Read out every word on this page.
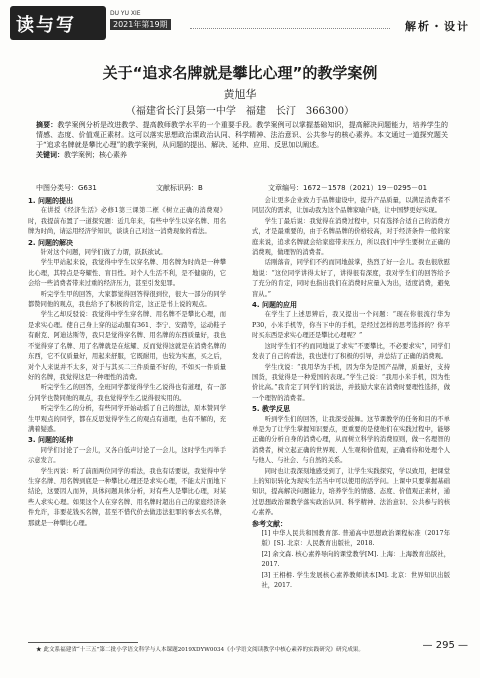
读与写
DU YU XIE
2021年第19期	解析・设计
关于“追求名牌就是攀比心理”的教学案例
黄旭华
（福建省长汀县第一中学　福建　长汀　366300）
摘要：教学案例分析是改进教学、提高教师教学水平的一个重要手段。教学案例可以掌握基础知识，提高解决问题能力，培养学生的情感、态度、价值观正素材。这可以落实思想政治课政治认同、科学精神、法治意识、公共参与的核心素养。本文通过一道探究题关于“追求名牌就是攀比心理”的教学案例，从问题的提出、解决、延伸、应用、反思加以阐述。
关键词：教学案例；核心素养
中图分类号：G631	文献标识码：B	文章编号：1672－1578（2021）19－0295－01

1. 问题的提出

在讲授《经济生活》必修1第三课第二框《树立正确的消费观》时，我提前布置了一道探究题：近几年来，有些中学生以穿名牌、用名牌为时尚，请运用经济学知识，谈谈自己对这一消费现象的看法。

2. 问题的解决

针对这个问题，同学们做了力谓，跃跃欲试。

学生甲站起来说，我觉得中学生以穿名牌、用名牌为时尚是一种攀比心理，其特点是夸耀性、盲目性。对个人生活不利，是不健康的，它会给一些消费者带来过重的经济压力，甚至引发犯罪。

听完学生甲的回答，大家都觉得回答得很到位，很大一部分的同学都赞同他的观点，我也给予了积极的肯定，这正是书上说的观点。

学生乙却反驳说：我觉得中学生穿名牌、用名牌不是攀比心理，而是求实心理。使自己身上穿的运动服有361、李宁、安踏等，运动鞋子有耐克、阿迪达斯等，我只是觉得穿名牌、用名牌的东西质量好，我也不觉得穿了名牌、用了名牌就是在炫耀、反而觉得这就是在消费名牌的东西，它不仅质量好，用起来舒服，它既耐用，也较为实惠，买之后，对个人来说并不太多，对于与其买二三件质量不好的，不如买一件质量好的名牌，我觉得这是一种理性的消费。

听完学生乙的回答，全班同学都觉得学生乙说得也有道理，有一部分同学也赞同他的观点，我也觉得学生乙说得很实用的。

听完学生乙的分析，有些同学开始动摇了自己的想法，原本赞同学生甲观点的同学，都在反思觉得学生乙的观点有道理，也有不解的，充满着疑惑。

3. 问题的延伸

同学们讨论了一会儿，又各自低声讨论了一会儿，这时学生丙举手示意发言。

学生丙说：听了前面两位同学的看法，我也有话要说，我觉得中学生穿名牌、用名牌到底是一种攀比心理还是求实心理，不能太片面地下结论，这要因人而异，具体问题具体分析，对有些人是攀比心理，对某些人求实心理。如果这个人在穿名牌、用名牌时超出自己的家庭经济条件允许，非要花钱买名牌，甚至不惜代价去做违法犯罪的事去买名牌，那就是一种攀比心理。

会让更多企业致力于品牌建设中，提升产品质量，以满足消费者不同层次的需求，让加动我为这个品牌家喻户晓，让中国梦更好实现。

学生丁最后说：我觉得在消费过程中，只有选择合适自己的消费方式，才是最重要的，由于名牌品牌的价格较高，对于经济条件一般的家庭来说，追求名牌就会给家庭带来压力，所以我们中学生要树立正确的消费观，做理智的消费者。

话刚落音，同学们不约而同地鼓掌，热烈了好一会儿。我也很欣慰地说：“这位同学讲得太好了，讲得很有深度，我对学生们的回答给予了充分的肯定，同时也指出我们在消费时应量入为出，适度消费，避免盲从。”

4. 问题的应用

在学生了上述思辨后，我又提出一个问题：“现在你很流行华为P30，小米手机等，你当下中的手机，是经过怎样的思考选择的？你平时买东西是求实心理还是攀比心理呢？”

这时学生们不约而同地说了求实“不要攀比，不必要求实”，同学们发表了自己的看法，我也进行了积极的引导，并总结了正确的消费观。

学生戊说：“我用华为手机，因为华为是国产品牌，质量好，支持国货，我觉得是一种爱国的表现。”学生己说：“我用小米手机，因为性价比高。”我肯定了同学们的说法，并鼓励大家在消费时要理性选择，做一个理智的消费者。

5. 教学反思

听到学生们的回答，让我深受鼓舞。这节课教学的任务和目的不单单是为了让学生掌握知识要点，更重要的是使他们在实践过程中，能够正确的分析自身的消费心理，从而树立科学的消费原则，做一名理智的消费者，树立起正确的世界观、人生观和价值观，正确看待和处理个人与他人、与社会、与自然的关系。

同时也让我深刻地感受到了，让学生实践探究，学以致用，把课堂上的知识转化为现实生活当中可以使用的活学问。上课中只要掌握基础知识，提高解决问题能力，培养学生的情感、态度、价值观正素材，通过思想政治课教学落实政治认同、科学精神、法治意识、公共参与的核心素养。

参考文献：

[1] 中华人民共和国教育部. 普通高中思想政治课程标准（2017年版）[S]. 北京：人民教育出版社，2018.

[2] 余文森. 核心素养导向的课堂教学[M]. 上海：上海教育出版社，2017.

[3] 王枏枏. 学生发展核心素养教师读本[M]. 北京：世界知识出版社，2017.

★ 此文系福建省“十三五”第二批小学语文科学与人本课题2019XDYW0034《小学语文阅读教学中核心素养的实践研究》研究成果。	— 295 —
